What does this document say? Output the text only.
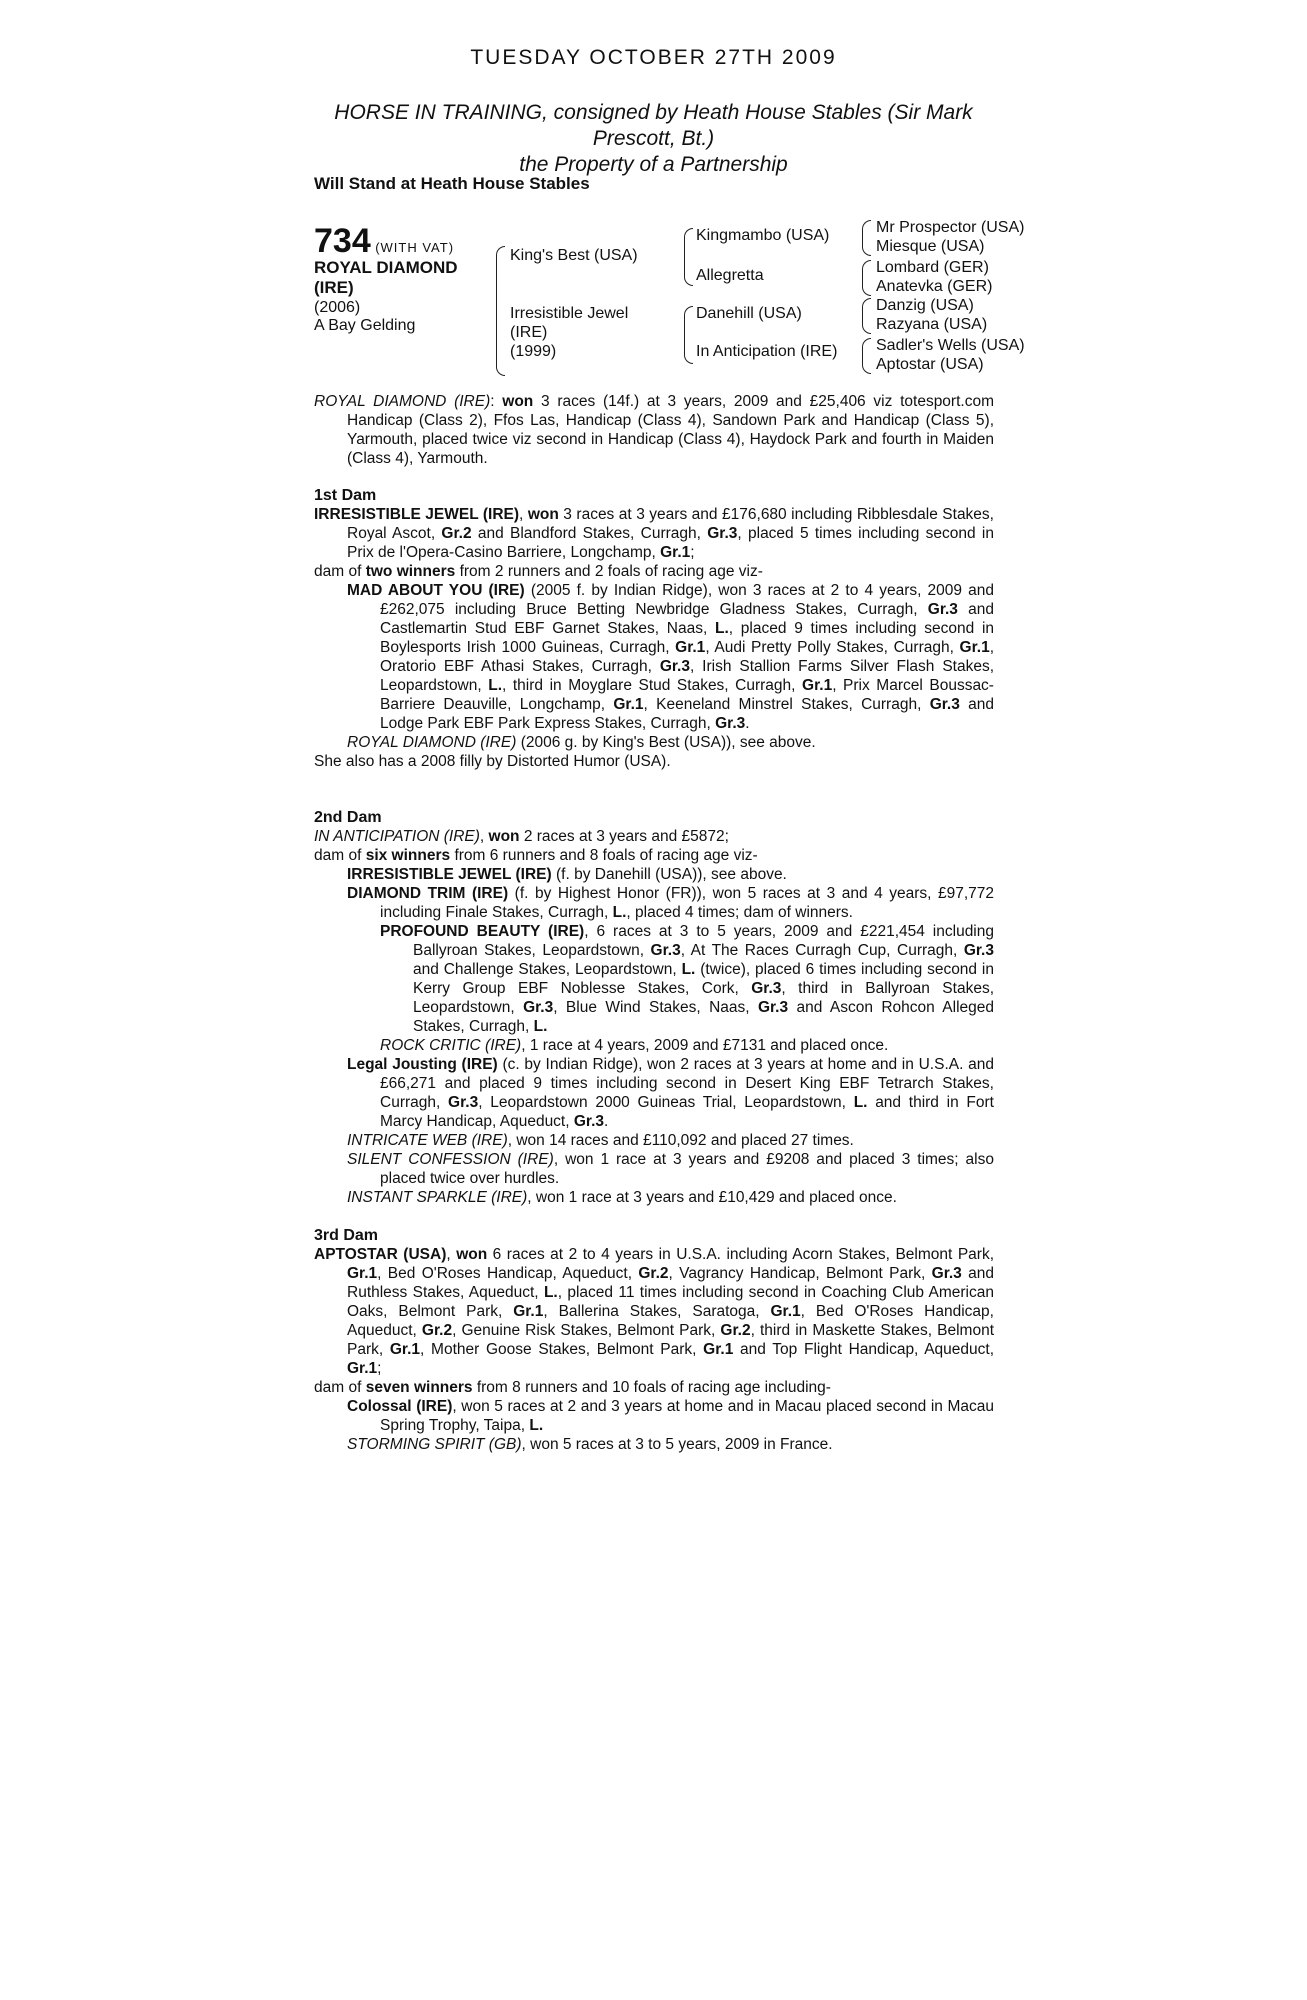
TUESDAY OCTOBER 27TH 2009
HORSE IN TRAINING, consigned by Heath House Stables (Sir Mark
Prescott, Bt.)
the Property of a Partnership
Will Stand at Heath House Stables
734 (WITH VAT)
ROYAL DIAMOND
(IRE)
(2006)
A Bay Gelding
King's Best (USA)
Irresistible Jewel
(IRE)
(1999)
Kingmambo (USA)
Allegretta
Danehill (USA)
In Anticipation (IRE)
Mr Prospector (USA)
Miesque (USA)
Lombard (GER)
Anatevka (GER)
Danzig (USA)
Razyana (USA)
Sadler's Wells (USA)
Aptostar (USA)

ROYAL DIAMOND (IRE): won 3 races (14f.) at 3 years, 2009 and £25,406 viz totesport.com Handicap (Class 2), Ffos Las, Handicap (Class 4), Sandown Park and Handicap (Class 5), Yarmouth, placed twice viz second in Handicap (Class 4), Haydock Park and fourth in Maiden (Class 4), Yarmouth.

1st Dam

IRRESISTIBLE JEWEL (IRE), won 3 races at 3 years and £176,680 including Ribblesdale Stakes, Royal Ascot, Gr.2 and Blandford Stakes, Curragh, Gr.3, placed 5 times including second in Prix de l'Opera-Casino Barriere, Longchamp, Gr.1;

dam of two winners from 2 runners and 2 foals of racing age viz-

MAD ABOUT YOU (IRE) (2005 f. by Indian Ridge), won 3 races at 2 to 4 years, 2009 and £262,075 including Bruce Betting Newbridge Gladness Stakes, Curragh, Gr.3 and Castlemartin Stud EBF Garnet Stakes, Naas, L., placed 9 times including second in Boylesports Irish 1000 Guineas, Curragh, Gr.1, Audi Pretty Polly Stakes, Curragh, Gr.1, Oratorio EBF Athasi Stakes, Curragh, Gr.3, Irish Stallion Farms Silver Flash Stakes, Leopardstown, L., third in Moyglare Stud Stakes, Curragh, Gr.1, Prix Marcel Boussac-Barriere Deauville, Longchamp, Gr.1, Keeneland Minstrel Stakes, Curragh, Gr.3 and Lodge Park EBF Park Express Stakes, Curragh, Gr.3.

ROYAL DIAMOND (IRE) (2006 g. by King's Best (USA)), see above.

She also has a 2008 filly by Distorted Humor (USA).

2nd Dam

IN ANTICIPATION (IRE), won 2 races at 3 years and £5872;

dam of six winners from 6 runners and 8 foals of racing age viz-

IRRESISTIBLE JEWEL (IRE) (f. by Danehill (USA)), see above.

DIAMOND TRIM (IRE) (f. by Highest Honor (FR)), won 5 races at 3 and 4 years, £97,772 including Finale Stakes, Curragh, L., placed 4 times; dam of winners.

PROFOUND BEAUTY (IRE), 6 races at 3 to 5 years, 2009 and £221,454 including Ballyroan Stakes, Leopardstown, Gr.3, At The Races Curragh Cup, Curragh, Gr.3 and Challenge Stakes, Leopardstown, L. (twice), placed 6 times including second in Kerry Group EBF Noblesse Stakes, Cork, Gr.3, third in Ballyroan Stakes, Leopardstown, Gr.3, Blue Wind Stakes, Naas, Gr.3 and Ascon Rohcon Alleged Stakes, Curragh, L.

ROCK CRITIC (IRE), 1 race at 4 years, 2009 and £7131 and placed once.

Legal Jousting (IRE) (c. by Indian Ridge), won 2 races at 3 years at home and in U.S.A. and £66,271 and placed 9 times including second in Desert King EBF Tetrarch Stakes, Curragh, Gr.3, Leopardstown 2000 Guineas Trial, Leopardstown, L. and third in Fort Marcy Handicap, Aqueduct, Gr.3.

INTRICATE WEB (IRE), won 14 races and £110,092 and placed 27 times.

SILENT CONFESSION (IRE), won 1 race at 3 years and £9208 and placed 3 times; also placed twice over hurdles.

INSTANT SPARKLE (IRE), won 1 race at 3 years and £10,429 and placed once.

3rd Dam

APTOSTAR (USA), won 6 races at 2 to 4 years in U.S.A. including Acorn Stakes, Belmont Park, Gr.1, Bed O'Roses Handicap, Aqueduct, Gr.2, Vagrancy Handicap, Belmont Park, Gr.3 and Ruthless Stakes, Aqueduct, L., placed 11 times including second in Coaching Club American Oaks, Belmont Park, Gr.1, Ballerina Stakes, Saratoga, Gr.1, Bed O'Roses Handicap, Aqueduct, Gr.2, Genuine Risk Stakes, Belmont Park, Gr.2, third in Maskette Stakes, Belmont Park, Gr.1, Mother Goose Stakes, Belmont Park, Gr.1 and Top Flight Handicap, Aqueduct, Gr.1;

dam of seven winners from 8 runners and 10 foals of racing age including-

Colossal (IRE), won 5 races at 2 and 3 years at home and in Macau placed second in Macau Spring Trophy, Taipa, L.

STORMING SPIRIT (GB), won 5 races at 3 to 5 years, 2009 in France.
